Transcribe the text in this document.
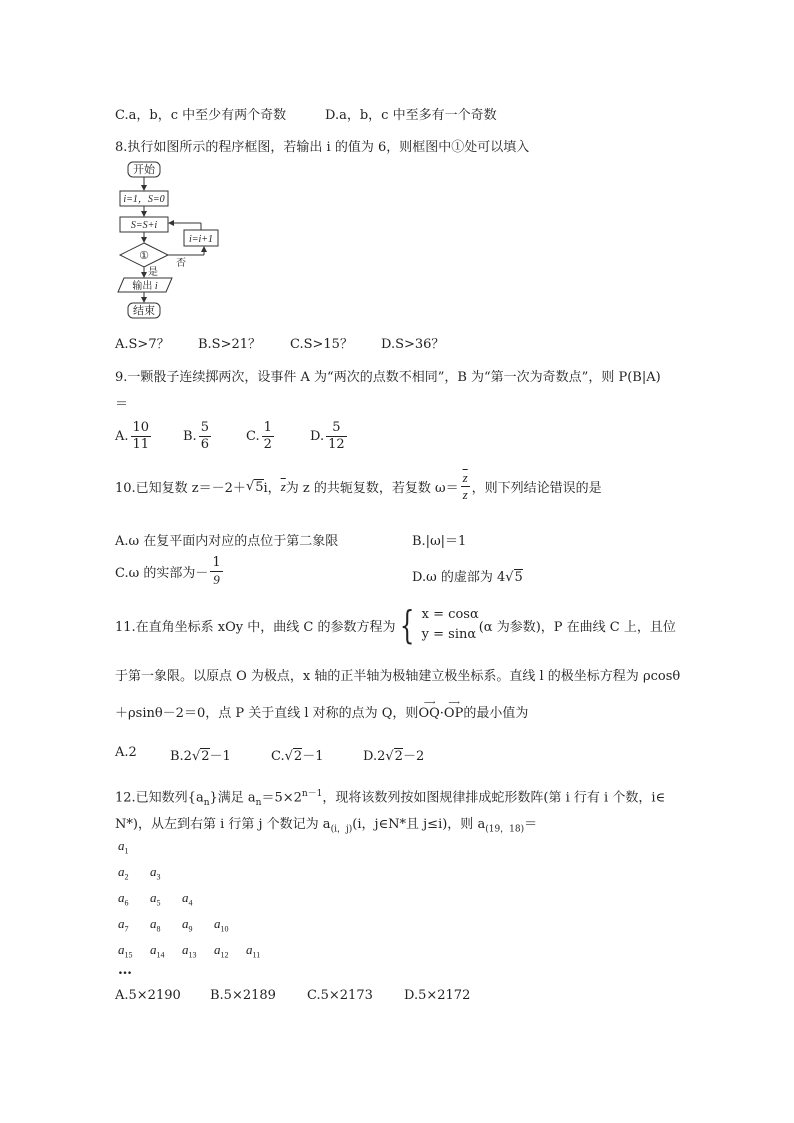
C.a，b，c 中至少有两个奇数	D.a，b，c 中至多有一个奇数
8.执行如图所示的程序框图，若输出 i 的值为 6，则框图中①处可以填入
开始
i=1，S=0
S=S+i
①
否
i=i+1
是
输出 i
结束
A.S>7？ B.S>21？ C.S>15？ D.S>36？
9.一颗骰子连续掷两次，设事件 A 为“两次的点数不相同”，B 为“第一次为奇数点”，则 P(B|A)
＝
A. $\frac{10}{11} B$. $\frac{5}{6}$	C. $\frac{1}{2}$	D. $\frac{5}{12}$
10.已知复数 z＝－2＋ √ 5 i， $\overline{z}$ 为 z 的共轭复数，若复数 $\omega= \frac{\overline{z}}{z}$ ，则下列结论错误的是
A.ω 在复平面内对应的点位于第二象限	B.|ω|＝1
C.ω 的实部为－ $\frac{1}{9}$	D.ω 的虚部为 4√5
11.在直角坐标系 xOy 中，曲线 C 的参数方程为 { x = cosα
y = sinα (α 为参数)，P 在曲线 C 上，且位
于第一象限。以原点 O 为极点，x 轴的正半轴为极轴建立极坐标系。直线 l 的极坐标方程为 ρcosθ
＋ρsinθ－2＝0，点 P 关于直线 l 对称的点为 Q，则
⟶
OQ ·
⟶
OP 的最小值为
A.2	B.2√2－1	C.√2－1	D.2√2－2
12.已知数列$\{a_n\}$满足 $a_n=5\times 2^{n-1}$，现将该数列按如图规律排成蛇形数阵(第 i 行有 i 个数，i∈
N*)，从左到右第 i 行第 j 个数记为 $a_{(i,j)}(i$，j∈N*且 j≤i)，则 $a_{(19,18)}=$
$a_1$
$a_2$ $a_3$
$a_6$ $a_5$ $a_4$
$a_7$ $a_8$ $a_9$ $a_{10}$
$a_{15}$ $a_{14}$ $a_{13}$ $a_{12}$ $a_{11}$
…
A.5×2190 B.5×2189 C.5×2173 D.5×2172
